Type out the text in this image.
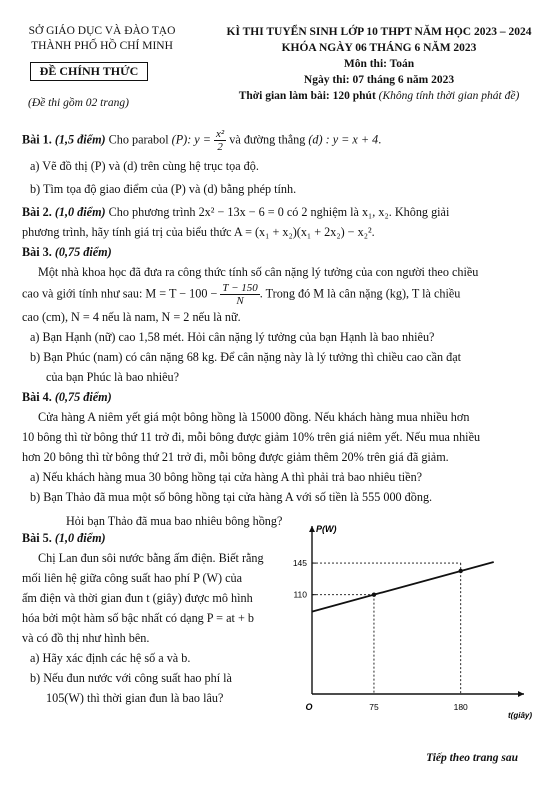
SỞ GIÁO DỤC VÀ ĐÀO TẠO
THÀNH PHỐ HỒ CHÍ MINH
ĐỀ CHÍNH THỨC
(Đề thi gồm 02 trang)
KÌ THI TUYỂN SINH LỚP 10 THPT NĂM HỌC 2023 – 2024
KHÓA NGÀY 06 THÁNG 6 NĂM 2023
Môn thi: Toán
Ngày thi: 07 tháng 6 năm 2023
Thời gian làm bài: 120 phút (Không tính thời gian phát đề)

Bài 1. (1,5 điểm) Cho parabol (P): $y = \frac{\text{x²}}{2}$ và đường thẳng (d) : y = x + 4.

a) Vẽ đồ thị (P) và (d) trên cùng hệ trục tọa độ.

b) Tìm tọa độ giao điểm của (P) và (d) bằng phép tính.

Bài 2. (1,0 điểm) Cho phương trình 2x² − 13x − 6 = 0 có 2 nghiệm là x₁, x₂. Không giải

phương trình, hãy tính giá trị của biểu thức A = (x₁ + x₂)(x₁ + 2x₂) − x₂².

Bài 3. (0,75 điểm)

Một nhà khoa học đã đưa ra công thức tính số cân nặng lý tưởng của con người theo chiều

cao và giới tính như sau: $M = T - 100 - \frac{T - 150}{N}$ . Trong đó M là cân nặng (kg), T là chiều

cao (cm), N = 4 nếu là nam, N = 2 nếu là nữ.

a) Bạn Hạnh (nữ) cao 1,58 mét. Hỏi cân nặng lý tưởng của bạn Hạnh là bao nhiêu?

b) Bạn Phúc (nam) có cân nặng 68 kg. Để cân nặng này là lý tưởng thì chiều cao cần đạt

của bạn Phúc là bao nhiêu?

Bài 4. (0,75 điểm)

Cửa hàng A niêm yết giá một bông hồng là 15000 đồng. Nếu khách hàng mua nhiều hơn

10 bông thì từ bông thứ 11 trở đi, mỗi bông được giảm 10% trên giá niêm yết. Nếu mua nhiều

hơn 20 bông thì từ bông thứ 21 trở đi, mỗi bông được giảm thêm 20% trên giá đã giảm.

a) Nếu khách hàng mua 30 bông hồng tại cửa hàng A thì phải trả bao nhiêu tiền?

b) Bạn Thảo đã mua một số bông hồng tại cửa hàng A với số tiền là 555 000 đồng.

Hỏi bạn Thảo đã mua bao nhiêu bông hồng?

Bài 5. (1,0 điểm)

Chị Lan đun sôi nước bằng ấm điện. Biết rằng

mối liên hệ giữa công suất hao phí P (W) của

ấm điện và thời gian đun t (giây) được mô hình

hóa bởi một hàm số bậc nhất có dạng P = at + b

và có đồ thị như hình bên.

a) Hãy xác định các hệ số a và b.

b) Nếu đun nước với công suất hao phí là

105(W) thì thời gian đun là bao lâu?

P(W)
t(giây)
O
110
145
75	180
Tiếp theo trang sau
